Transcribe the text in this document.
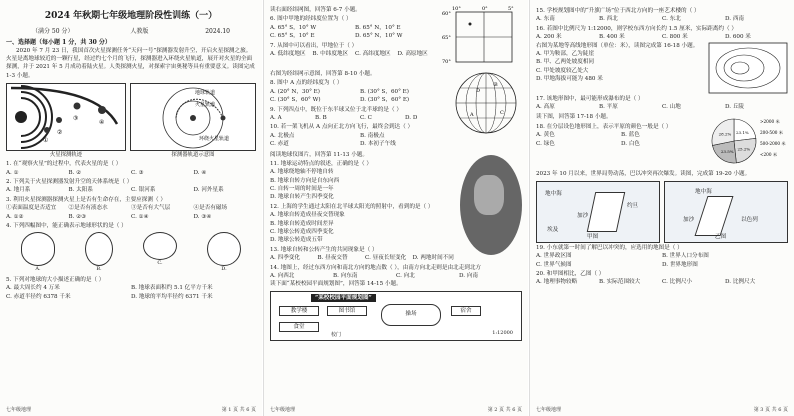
2024 年秋期七年级地理阶段性训练（一）
（满分 50 分）	人教版	2024.10
一、选择题（每小题 1 分，共 30 分）
2020 年 7 月 23 日，我国首次火星探测任务“天问一号”探测器发射升空，开启火星探测之旅。火星是离地球较近的一颗行星，经过约七个月的飞行，探测器进入环绕火星轨道，展开对火星的全面探测，并于 2021 年 5 月成功着陆火星。人类探测火星，对探索宇宙奥秘等具有重要意义。读图完成 1-3 小题。
①
②
③
④
火星探测轨迹
地球轨道
火星轨道
环绕火星轨道
探测器轨道示意图
1. 在“观察火星”的过程中，代表火星的是（ ）
A. ①	B. ②	C. ③	D. ④
2. 下列关于火星探测器发射升空的天体系统是（ ）
A. 地月系	B. 太阳系	C. 银河系	D. 河外星系
3. 利用火星探测器探测火星上是否有生命存在，主要应探测（ ）
①表面温度是否适宜	②是否有液态水	③是否有大气层	④是否有磁场
A. ①②	B. ②③	C. ①④	D. ③④
4. 下列四幅图中，能正确表示地球形状的是（ ）
A.	B.
C.
D.
5. 下列对地球的大小描述正确的是（ ）
A. 最大周长约 4 万米	B. 地球表面积约 5.1 亿平方千米
C. 赤道半径约 6378 千米	D. 地球的平均半径约 6371 千米
七年级地理	第 1 页 共 6 页
读右面经纬网图，回答第 6-7 小题。
6. 图中甲地的经纬度位置为（ ）
A. 65° S，10° W	B. 65° N，10° E
C. 65° S，10° E	D. 65° N，10° W
7. 从图中可以看出，甲地位于（ ）
A. 低纬度地区	B. 中纬度地区	C. 高纬度地区	D. 高原地区
60°
65°
70°
10°	0°	5°
右图为经纬网示意图，回答第 8-10 小题。
8. 图中 A 点的经纬度为（ ）
A. (20° N，30° E)	B. (30° S，60° E)
C. (30° S，60° W)	D. (30° S，60° E)
9. 下列四点中，既位于东半球又位于北半球的是（ ）
A. A	B. B	C. C	D. D
10. 若一架飞机从 A 点向正北方向飞行，最终会到达（ ）
A. 北极点	B. 南极点
C. 赤道	D. 本初子午线
A
B
C
D
阅读地球仪图片，回答第 11-13 小题。
11. 地球运动特点的叙述，正确的是（ ）
A. 地球绕地轴不停地自转
B. 地球自转方向是自东向西
C. 自转一周的时间是一年
D. 地球自转产生四季变化
12. 上海的学生通过太阳在北半球太阳光的照射中，看到的是（ ）
A. 地球自转造成昼夜交替现象
B. 地球自转造成时间差异
C. 地球公转造成四季变化
D. 地球公转造成五带
13. 地球自转和公转产生的共同现象是（ ）
A. 四季变化	B. 昼夜交替	C. 昼夜长短变化	D. 两地时间不同
14. 地图上，经过东西方向和南北方向的地点数（ ），由南方向北走则是由北走到北方
A. 向西北	B. 向东南	C. 向北	D. 向南
读下面“某校校园平面规划图”，回答第 14-15 小题。
“某校校园平面规划图”
教学楼	图书馆	操场	宿舍
食堂
校门	1:12000
七年级地理	第 2 页 共 6 页
15. 学校规划图中的“升旗广场”位于西北方向的一座艺术楼的（ ）
A. 东南	B. 西北	C. 东北	D. 西南
16. 若图中比例尺为 1:12000，则学校东西方向长约 1.5 厘米，实际距离约（ ）
A. 200 米	B. 400 米	C. 800 米	D. 600 米
右图为某地等高线地形图（单位：米），读图完成第 16-18 小题。
A. 甲为鞍部，乙为陡崖
B. 甲、乙两处坡度相同
C. 甲处坡度较乙处大
D. 甲地海拔可能为 480 米
17. 该地形图中，最可能形成瀑布的是（ ）
A. 高原	B. 平原	C. 山地	D. 丘陵
读下图，回答第 17-18 小题。
18. 在分层设色地形图上，表示平原的颜色一般是（ ）
A. 黄色	B. 蓝色
C. 绿色	D. 白色
23.1%
>2000 米
25.2%
200-500 米
23.5%
500-2000 米
28.2%
<200 米
2023 年 10 月以来，世界局势动荡，巴以冲突再次爆发。读图，完成第 19-20 小题。
地中海
加沙
约旦
埃及
甲图
地中海
加沙	以色列
乙图
19. 小东就第一时间了解巴以冲突的，应选用的地图是（ ）
A. 世界政区图	B. 世界人口分布图
C. 世界气候图	D. 世界地形图
20. 和甲图相比，乙图（ ）
A. 地理事物较略	B. 实际范围较大	C. 比例尺小	D. 比例尺大
七年级地理	第 3 页 共 6 页
